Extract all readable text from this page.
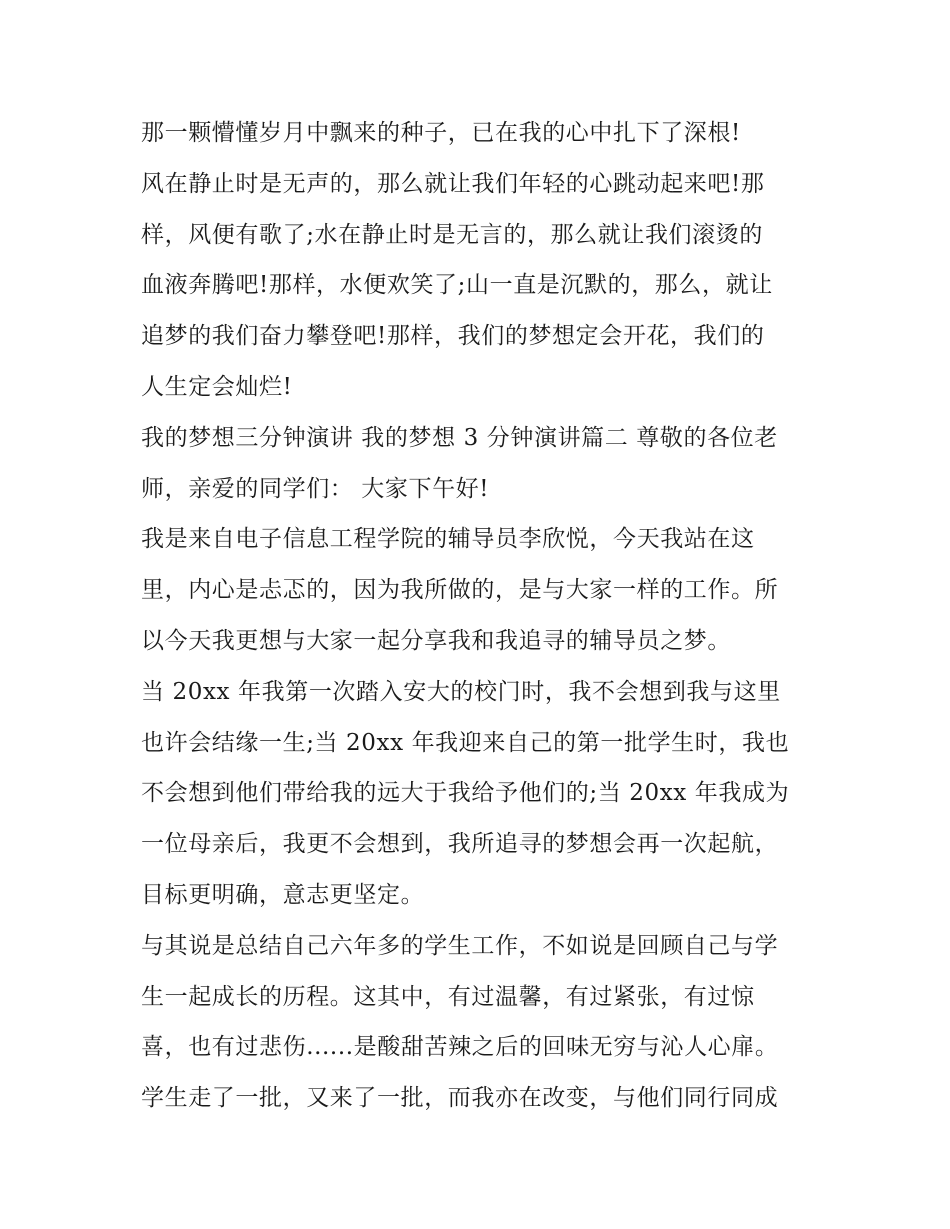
那一颗懵懂岁月中飘来的种子，已在我的心中扎下了深根!
风在静止时是无声的，那么就让我们年轻的心跳动起来吧!那
样，风便有歌了;水在静止时是无言的，那么就让我们滚烫的
血液奔腾吧!那样，水便欢笑了;山一直是沉默的，那么，就让
追梦的我们奋力攀登吧!那样，我们的梦想定会开花，我们的
人生定会灿烂!
我的梦想三分钟演讲 我的梦想 3 分钟演讲篇二 尊敬的各位老
师，亲爱的同学们： 大家下午好!
我是来自电子信息工程学院的辅导员李欣悦，今天我站在这
里，内心是忐忑的，因为我所做的，是与大家一样的工作。所
以今天我更想与大家一起分享我和我追寻的辅导员之梦。
当 20xx 年我第一次踏入安大的校门时，我不会想到我与这里
也许会结缘一生;当 20xx 年我迎来自己的第一批学生时，我也
不会想到他们带给我的远大于我给予他们的;当 20xx 年我成为
一位母亲后，我更不会想到，我所追寻的梦想会再一次起航，
目标更明确，意志更坚定。
与其说是总结自己六年多的学生工作，不如说是回顾自己与学
生一起成长的历程。这其中，有过温馨，有过紧张，有过惊
喜，也有过悲伤......是酸甜苦辣之后的回味无穷与沁人心扉。
学生走了一批，又来了一批，而我亦在改变，与他们同行同成
